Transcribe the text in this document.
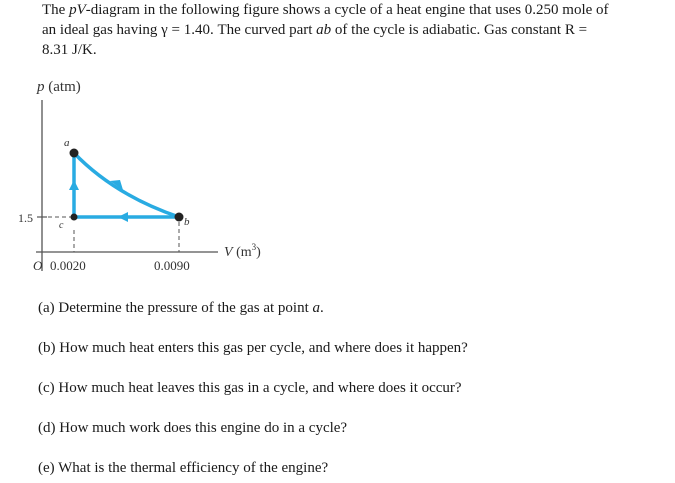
The pV-diagram in the following figure shows a cycle of a heat engine that uses 0.250 mole of
an ideal gas having γ = 1.40. The curved part ab of the cycle is adiabatic. Gas constant R =
8.31 J/K.
p (atm)
V $(m^3)$
1.5
O 0.0020	0.0090
a
b
c
(a) Determine the pressure of the gas at point a.
(b) How much heat enters this gas per cycle, and where does it happen?
(c) How much heat leaves this gas in a cycle, and where does it occur?
(d) How much work does this engine do in a cycle?
(e) What is the thermal efficiency of the engine?
